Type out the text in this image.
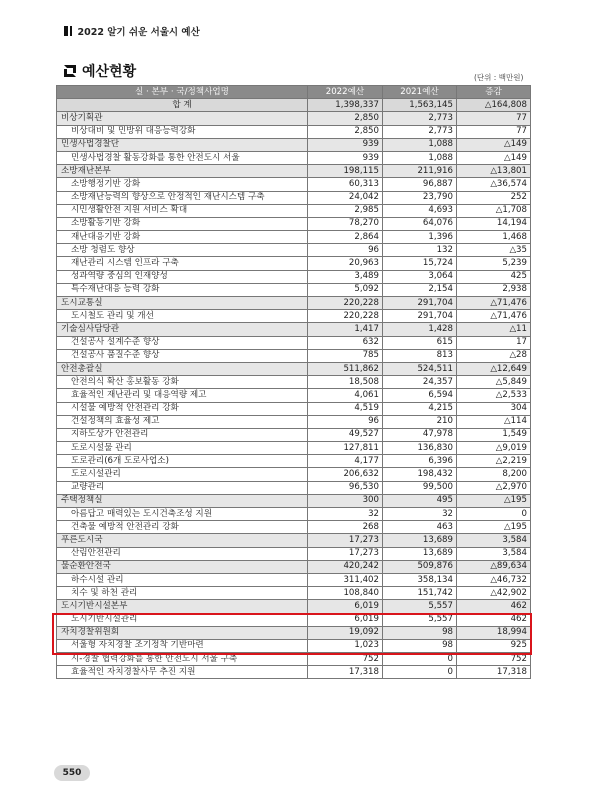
2022 알기 쉬운 서울시 예산
예산현황	(단위 : 백만원)
실 · 본부 · 국/정책사업명	2022예산	2021예산	증감
합 계	1,398,337	1,563,145	△164,808
비상기획관	2,850	2,773	77
비상대비 및 민방위 대응능력강화	2,850	2,773	77
민생사법경찰단	939	1,088	△149
민생사법경찰 활동강화를 통한 안전도시 서울	939	1,088	△149
소방재난본부	198,115	211,916	△13,801
소방행정기반 강화	60,313	96,887	△36,574
소방재난능력의 향상으로 안정적인 재난시스템 구축	24,042	23,790	252
시민생활안전 지원 서비스 확대	2,985	4,693	△1,708
소방활동기반 강화	78,270	64,076	14,194
재난대응기반 강화	2,864	1,396	1,468
소방 청렴도 향상	96	132	△35
재난관리 시스템 인프라 구축	20,963	15,724	5,239
성과역량 중심의 인재양성	3,489	3,064	425
특수재난대응 능력 강화	5,092	2,154	2,938
도시교통실	220,228	291,704	△71,476
도시철도 관리 및 개선	220,228	291,704	△71,476
기술심사담당관	1,417	1,428	△11
건설공사 설계수준 향상	632	615	17
건설공사 품질수준 향상	785	813	△28
안전총괄실	511,862	524,511	△12,649
안전의식 확산 홍보활동 강화	18,508	24,357	△5,849
효율적인 재난관리 및 대응역량 제고	4,061	6,594	△2,533
시설물 예방적 안전관리 강화	4,519	4,215	304
건설정책의 효율성 제고	96	210	△114
지하도상가 안전관리	49,527	47,978	1,549
도로시설물 관리	127,811	136,830	△9,019
도로관리(6개 도로사업소)	4,177	6,396	△2,219
도로시설관리	206,632	198,432	8,200
교량관리	96,530	99,500	△2,970
주택정책실	300	495	△195
아름답고 매력있는 도시건축조성 지원	32	32	0
건축물 예방적 안전관리 강화	268	463	△195
푸른도시국	17,273	13,689	3,584
산림안전관리	17,273	13,689	3,584
물순환안전국	420,242	509,876	△89,634
하수시설 관리	311,402	358,134	△46,732
치수 및 하천 관리	108,840	151,742	△42,902
도시기반시설본부	6,019	5,557	462
도시기반시설관리	6,019	5,557	462
자치경찰위원회	19,092	98	18,994
서울형 자치경찰 조기정착 기반마련	1,023	98	925
시-경찰 협력강화를 통한 안전도시 서울 구축	752	0	752
효율적인 자치경찰사무 추진 지원	17,318	0	17,318
550
